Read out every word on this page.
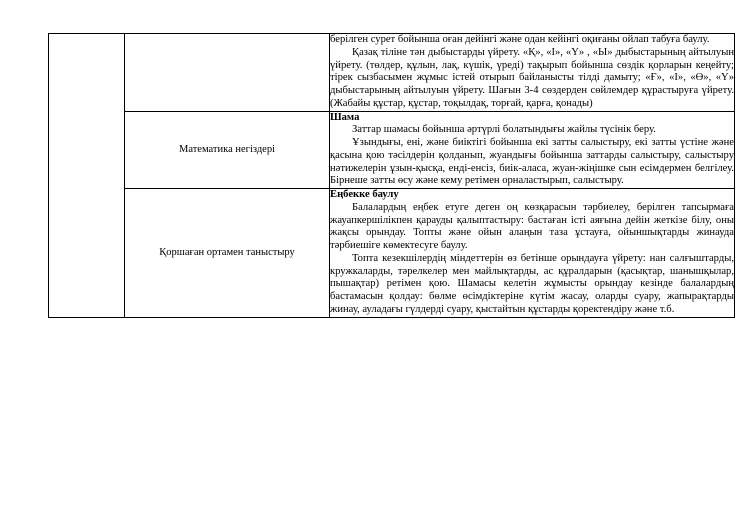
		берілген сурет бойынша оған дейінгі және одан кейінгі оқиғаны ойлап табуға баулу.

Қазақ тіліне тән дыбыстарды үйрету. «Қ», «І», «Ү» , «Ы» дыбыстарының айтылуын үйрету. (төлдер, құлын, лақ, күшік, үреді) тақырып бойынша сөздік қорларын кеңейту; тірек сызбасымен жұмыс істей отырып байланысты тілді дамыту; «Ғ», «І», «Ө», «Ү» дыбыстарының айтылуын үйрету. Шағын 3-4 сөздерден сөйлемдер құрастыруға үйрету. (Жабайы құстар, құстар, тоқылдақ, торғай, қарға, қонады)

	Математика негіздері	Шама

Заттар шамасы бойынша әртүрлі болатындығы жайлы түсінік беру.

Ұзындығы, ені, және биіктігі бойынша екі затты салыстыру, екі затты үстіне және қасына қою тәсілдерін қолданып, жуандығы бойынша заттарды салыстыру, салыстыру нәтижелерін ұзын-қысқа, енді-енсіз, биік-аласа, жуан-жіңішке сын есімдермен белгілеу. Бірнеше затты өсу және кему ретімен орналастырып, салыстыру.

	Қоршаған ортамен таныстыру	Еңбекке баулу

Балалардың еңбек етуге деген оң көзқарасын тәрбиелеу, берілген тапсырмаға жауапкершілікпен қарауды қалыптастыру: бастаған істі аяғына дейін жеткізе білу, оны жақсы орындау. Топты және ойын алаңын таза ұстауға, ойыншықтарды жинауда тәрбиешіге көмектесуге баулу.

Топта кезекшілердің міндеттерін өз бетінше орындауға үйрету: нан салғыштарды, кружкаларды, тәрелкелер мен майлықтарды, ас құралдарын (қасықтар, шанышқылар, пышақтар) ретімен қою. Шамасы келетін жұмысты орындау кезінде балалардың бастамасын қолдау: бөлме өсімдіктеріне күтім жасау, оларды суару, жапырақтарды жинау, ауладағы гүлдерді суару, қыстайтын құстарды қоректендіру және т.б.
